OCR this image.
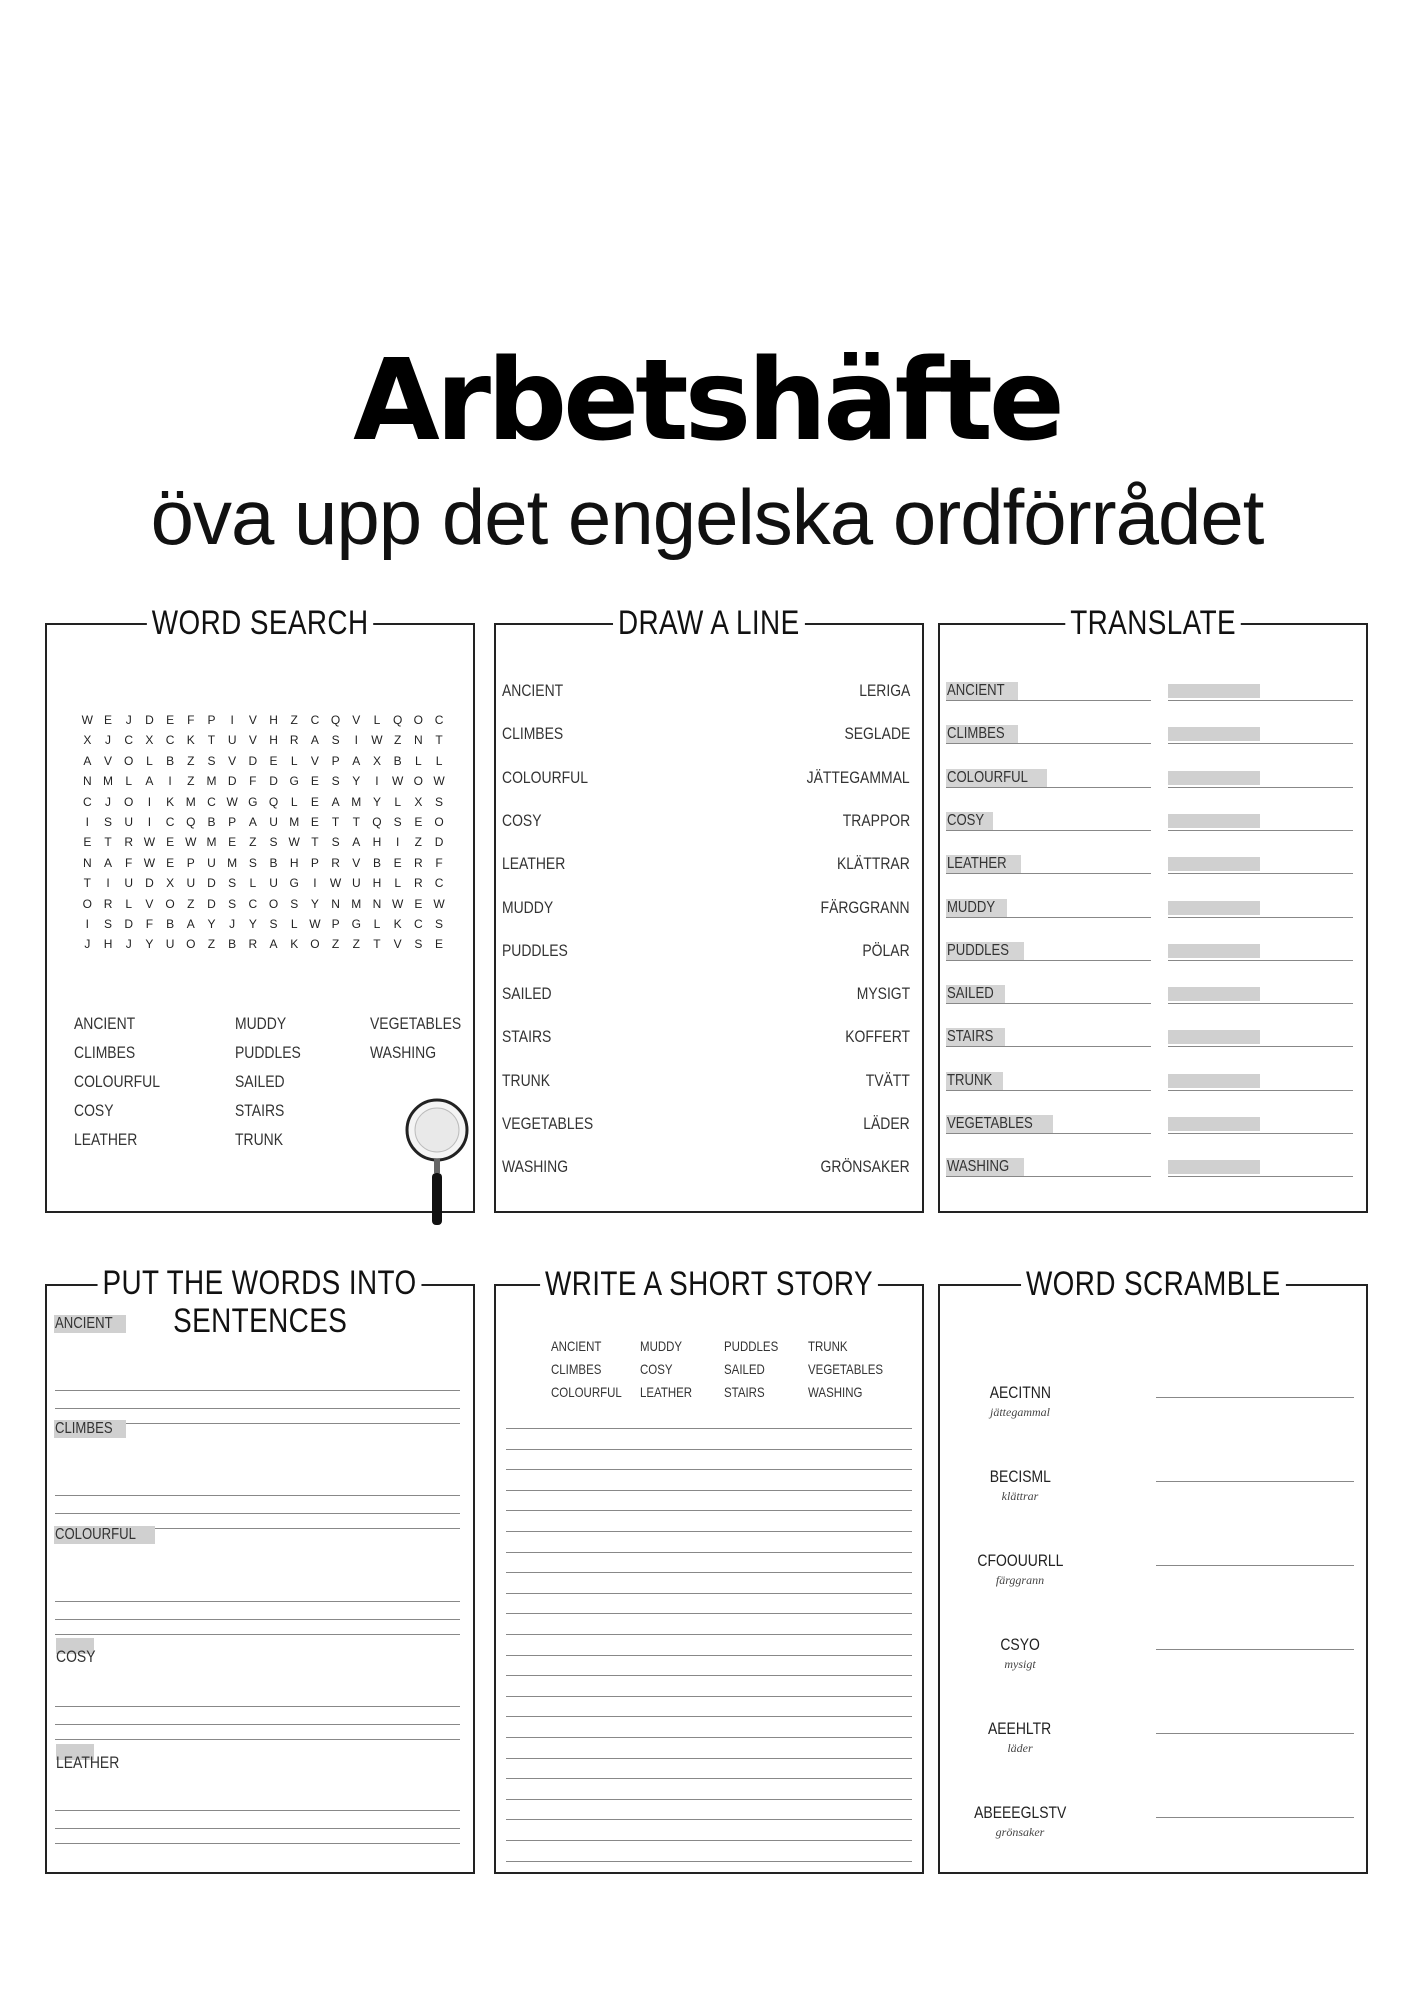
Arbetshäfte
öva upp det engelska ordförrådet
WORD SEARCH
W E	J	D	E	F	P	I	V	H	Z	C Q	V	L	Q O C
X	J	C	X	C	K	T	U	V	H	R	A	S	I	W Z	N	T
A	V	O	L	B	Z	S	V	D	E	L	V	P	A	X	B	L	L
N M	L	A	I	Z	M D	F	D G	E	S	Y	I	W O W
C	J	O	I	K M C W G Q	L	E	A M Y	L	X	S
I	S	U	I	C Q	B	P	A	U M E	T	T	Q	S	E	O
E	T	R W E W M E	Z	S W T	S	A	H	I	Z	D
N	A	F W E	P	U M S	B	H	P	R	V	B	E	R	F
T	I	U	D	X	U	D	S	L	U G	I	W U	H	L	R	C
O R	L	V	O	Z	D	S	C O	S	Y	N M N W E W
I	S	D	F	B	A	Y	J	Y	S	L W P	G	L	K	C	S
J	H	J	Y	U O	Z	B	R	A	K	O	Z	Z	T	V	S	E
ANCIENT
CLIMBES
COLOURFUL
COSY
LEATHER
MUDDY
PUDDLES
SAILED
STAIRS
TRUNK
VEGETABLES
WASHING
DRAW A LINE
ANCIENT	LERIGA
CLIMBES	SEGLADE
COLOURFUL	JÄTTEGAMMAL
COSY	TRAPPOR
LEATHER	KLÄTTRAR
MUDDY	FÄRGGRANN
PUDDLES	PÖLAR
SAILED	MYSIGT
STAIRS	KOFFERT
TRUNK	TVÄTT
VEGETABLES	LÄDER
WASHING	GRÖNSAKER
TRANSLATE
ANCIENT
CLIMBES
COLOURFUL
COSY
LEATHER
MUDDY
PUDDLES
SAILED
STAIRS
TRUNK
VEGETABLES
WASHING
PUT THE WORDS INTO
SENTENCES
ANCIENT
CLIMBES
COLOURFUL
COSY
LEATHER
WRITE A SHORT STORY
ANCIENT	MUDDY	PUDDLES	TRUNK
CLIMBES	COSY	SAILED	VEGETABLES
COLOURFUL	LEATHER	STAIRS	WASHING
WORD SCRAMBLE
AECITNN
jättegammal
BECISML
klättrar
CFOOUURLL
färggrann
CSYO
mysigt
AEEHLTR
läder
ABEEEGLSTV
grönsaker
